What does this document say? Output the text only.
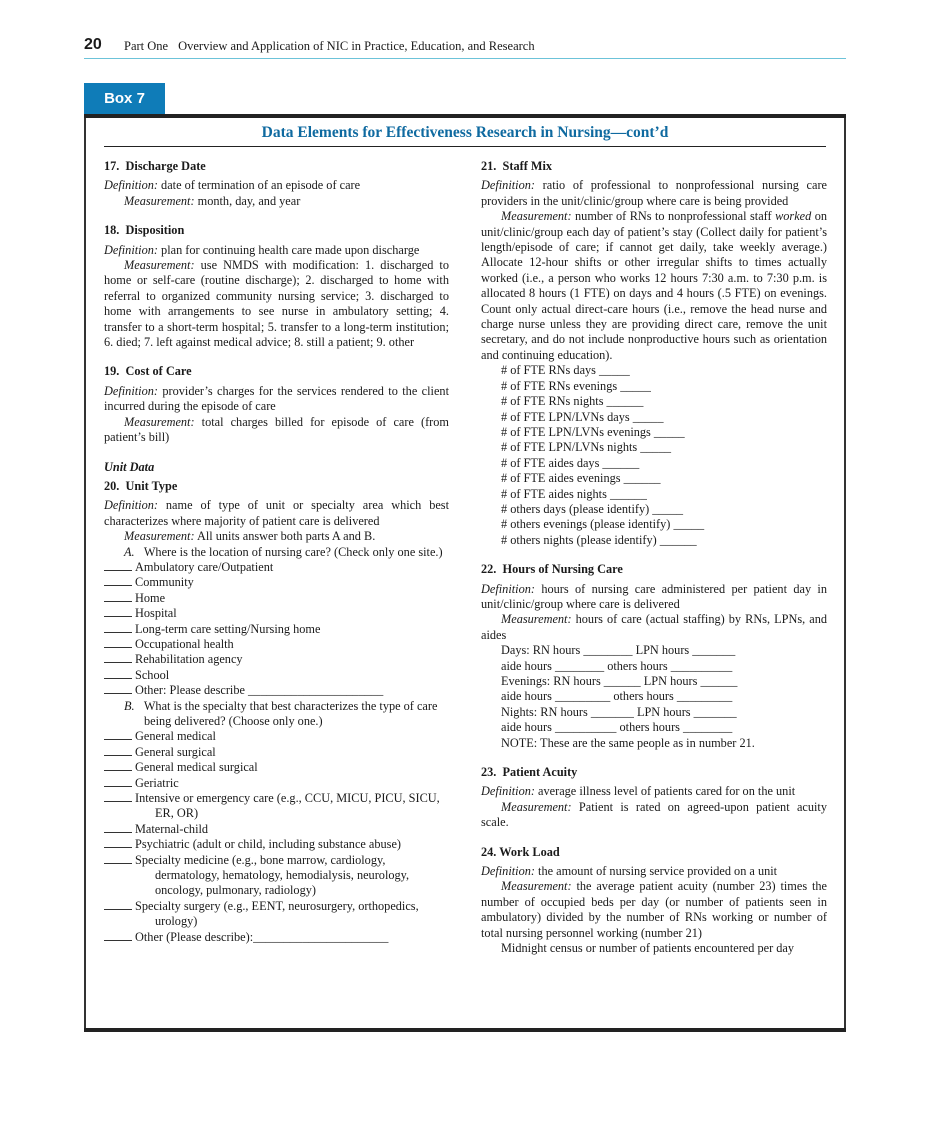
20 Part One Overview and Application of NIC in Practice, Education, and Research
Box 7
Data Elements for Effectiveness Research in Nursing—cont’d
17.  Discharge Date

Definition: date of termination of an episode of care

Measurement: month, day, and year

18.  Disposition

Definition: plan for continuing health care made upon discharge

Measurement: use NMDS with modification: 1. discharged to home or self-care (routine discharge); 2. discharged to home with referral to organized community nursing service; 3. discharged to home with arrangements to see nurse in ambulatory setting; 4. transfer to a short-term hospital; 5. transfer to a long-term institution; 6. died; 7. left against medical advice; 8. still a patient; 9. other

19.  Cost of Care

Definition: provider’s charges for the services rendered to the client incurred during the episode of care

Measurement: total charges billed for episode of care (from patient’s bill)

Unit Data
20.  Unit Type

Definition: name of type of unit or specialty area which best characterizes where majority of patient care is delivered

Measurement: All units answer both parts A and B.

A. Where is the location of nursing care? (Check only one site.)

Ambulatory care/Outpatient

Community

Home

Hospital

Long-term care setting/Nursing home

Occupational health

Rehabilitation agency

School

Other: Please describe ______________________

B. What is the specialty that best characterizes the type of care being delivered? (Choose only one.)

General medical

General surgical

General medical surgical

Geriatric

Intensive or emergency care (e.g., CCU, MICU, PICU, SICU, ER, OR)

Maternal-child

Psychiatric (adult or child, including substance abuse)

Specialty medicine (e.g., bone marrow, cardiology, dermatology, hematology, hemodialysis, neurology, oncology, pulmonary, radiology)

Specialty surgery (e.g., EENT, neurosurgery, orthopedics, urology)

Other (Please describe):______________________

21.  Staff Mix

Definition: ratio of professional to nonprofessional nursing care providers in the unit/clinic/group where care is being provided

Measurement: number of RNs to nonprofessional staff worked on unit/clinic/group each day of patient’s stay (Collect daily for patient’s length/episode of care; if cannot get daily, take weekly average.) Allocate 12-hour shifts or other irregular shifts to times actually worked (i.e., a person who works 12 hours 7:30 a.m. to 7:30 p.m. is allocated 8 hours (1 FTE) on days and 4 hours (.5 FTE) on evenings. Count only actual direct-care hours (i.e., remove the head nurse and charge nurse unless they are providing direct care, remove the unit secretary, and do not include nonproductive hours such as orientation and continuing education).

# of FTE RNs days _____

# of FTE RNs evenings _____

# of FTE RNs nights ______

# of FTE LPN/LVNs days _____

# of FTE LPN/LVNs evenings _____

# of FTE LPN/LVNs nights _____

# of FTE aides days ______

# of FTE aides evenings ______

# of FTE aides nights ______

# others days (please identify) _____

# others evenings (please identify) _____

# others nights (please identify) ______

22.  Hours of Nursing Care

Definition: hours of nursing care administered per patient day in unit/clinic/group where care is delivered

Measurement: hours of care (actual staffing) by RNs, LPNs, and aides

Days: RN hours ________ LPN hours _______

aide hours ________ others hours __________

Evenings: RN hours ______ LPN hours ______

aide hours _________ others hours _________

Nights: RN hours _______ LPN hours _______

aide hours __________ others hours ________

NOTE: These are the same people as in number 21.

23.  Patient Acuity

Definition: average illness level of patients cared for on the unit

Measurement: Patient is rated on agreed-upon patient acuity scale.

24. Work Load

Definition: the amount of nursing service provided on a unit

Measurement: the average patient acuity (number 23) times the number of occupied beds per day (or number of patients seen in ambulatory) divided by the number of RNs working or number of total nursing personnel working (number 21)

Midnight census or number of patients encountered per day
